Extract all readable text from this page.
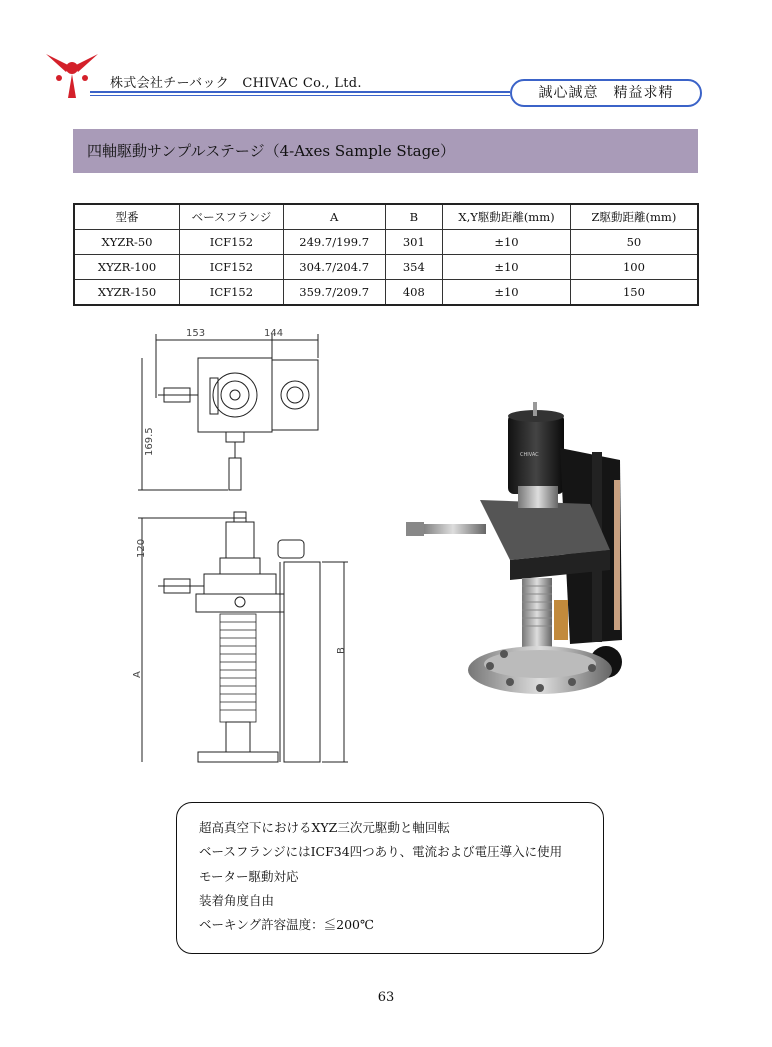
株式会社チーバック　CHIVAC Co., Ltd.
誠心誠意　精益求精
四軸駆動サンプルステージ（4-Axes Sample Stage）
型番	ベースフランジ	A	B	X,Y駆動距離(mm)	Z駆動距離(mm)
XYZR-50	ICF152	249.7/199.7	301	±10	50
XYZR-100	ICF152	304.7/204.7	354	±10	100
XYZR-150	ICF152	359.7/209.7	408	±10	150
153	144
169.5
120
A
B
CHIVAC
超高真空下におけるXYZ三次元駆動と軸回転
ベースフランジにはICF34四つあり、電流および電圧導入に使用
モーター駆動対応
装着角度自由
ベーキング許容温度：≦200℃
63
